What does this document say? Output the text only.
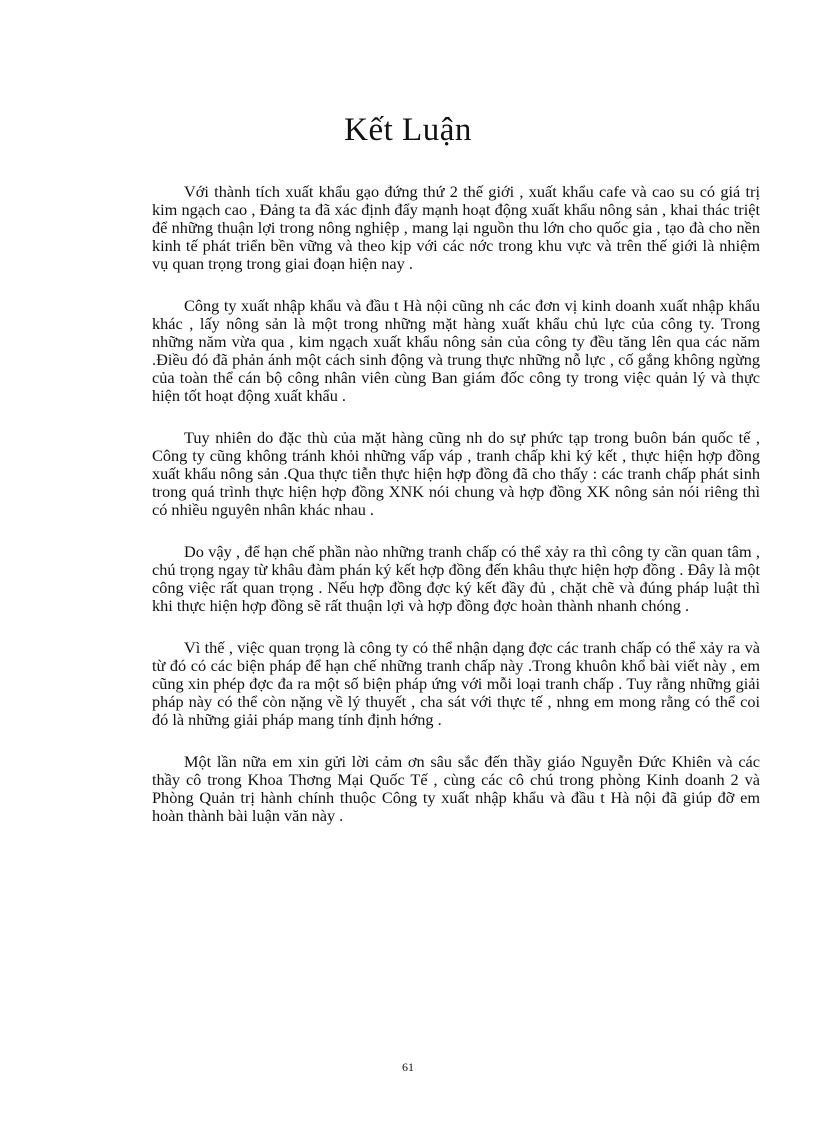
Kết Luận

Với thành tích xuất khẩu gạo đứng thứ 2 thế giới , xuất khẩu cafe và cao su có giá trị kim ngạch cao , Đảng ta đã xác định đẩy mạnh hoạt động xuất khẩu nông sản , khai thác triệt để những thuận lợi trong nông nghiệp , mang lại nguồn thu lớn cho quốc gia , tạo đà cho nền kinh tế phát triển bền vững và theo kịp với các nớc trong khu vực và trên thế giới là nhiệm vụ quan trọng trong giai đoạn hiện nay .

Công ty xuất nhập khẩu và đầu t Hà nội cũng nh các đơn vị kinh doanh xuất nhập khẩu khác , lấy nông sản là một trong những mặt hàng xuất khẩu chủ lực của công ty. Trong những năm vừa qua , kim ngạch xuất khẩu nông sản của công ty đều tăng lên qua các năm .Điều đó đã phản ánh một cách sinh động và trung thực những nỗ lực , cố gắng không ngừng của toàn thể cán bộ công nhân viên cùng Ban giám đốc công ty trong việc quản lý và thực hiện tốt hoạt động xuất khẩu .

Tuy nhiên do đặc thù của mặt hàng cũng nh do sự phức tạp trong buôn bán quốc tế , Công ty cũng không tránh khỏi những vấp váp , tranh chấp khi ký kết , thực hiện hợp đồng xuất khẩu nông sản .Qua thực tiễn thực hiện hợp đồng đã cho thấy : các tranh chấp phát sinh trong quá trình thực hiện hợp đồng XNK nói chung và hợp đồng XK nông sản nói riêng thì có nhiều nguyên nhân khác nhau .

Do vậy , để hạn chế phần nào những tranh chấp có thể xảy ra thì công ty cần quan tâm , chú trọng ngay từ khâu đàm phán ký kết hợp đồng đến khâu thực hiện hợp đồng . Đây là một công việc rất quan trọng . Nếu hợp đồng đợc ký kết đầy đủ , chặt chẽ và đúng pháp luật thì khi thực hiện hợp đồng sẽ rất thuận lợi và hợp đồng đợc hoàn thành nhanh chóng .

Vì thế , việc quan trọng là công ty có thể nhận dạng đợc các tranh chấp có thể xảy ra và từ đó có các biện pháp để hạn chế những tranh chấp này .Trong khuôn khổ bài viết này , em cũng xin phép đợc đa ra một số biện pháp ứng với mỗi loại tranh chấp . Tuy rằng những giải pháp này có thể còn nặng về lý thuyết , cha sát với thực tế , nhng em mong rằng có thể coi đó là những giải pháp mang tính định hớng .

Một lần nữa em xin gửi lời cảm ơn sâu sắc đến thầy giáo Nguyễn Đức Khiên và các thầy cô trong Khoa Thơng Mại Quốc Tế , cùng các cô chú trong phòng Kinh doanh 2 và Phòng Quản trị hành chính thuộc Công ty xuất nhập khẩu và đầu t Hà nội đã giúp đỡ em hoàn thành bài luận văn này .

61
